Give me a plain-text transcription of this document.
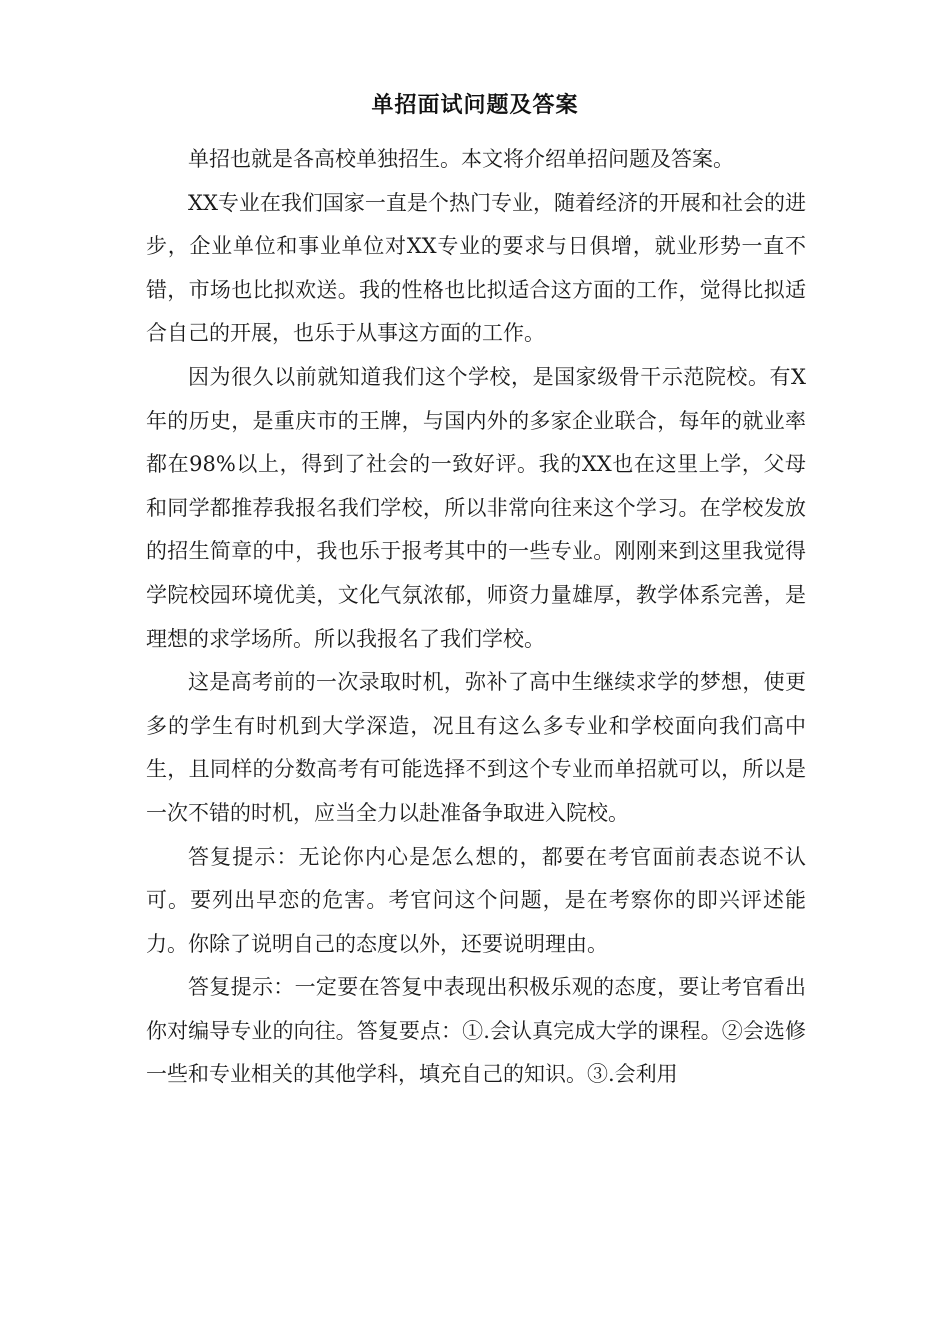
单招面试问题及答案

单招也就是各高校单独招生。本文将介绍单招问题及答案。

XX专业在我们国家一直是个热门专业，随着经济的开展和社会的进步，企业单位和事业单位对XX专业的要求与日俱增，就业形势一直不错，市场也比拟欢送。我的性格也比拟适合这方面的工作，觉得比拟适合自己的开展，也乐于从事这方面的工作。

因为很久以前就知道我们这个学校，是国家级骨干示范院校。有X年的历史，是重庆市的王牌，与国内外的多家企业联合，每年的就业率都在98%以上，得到了社会的一致好评。我的XX也在这里上学，父母和同学都推荐我报名我们学校，所以非常向往来这个学习。在学校发放的招生简章的中，我也乐于报考其中的一些专业。刚刚来到这里我觉得学院校园环境优美，文化气氛浓郁，师资力量雄厚，教学体系完善，是理想的求学场所。所以我报名了我们学校。

这是高考前的一次录取时机，弥补了高中生继续求学的梦想，使更多的学生有时机到大学深造，况且有这么多专业和学校面向我们高中生，且同样的分数高考有可能选择不到这个专业而单招就可以，所以是一次不错的时机，应当全力以赴准备争取进入院校。

答复提示：无论你内心是怎么想的，都要在考官面前表态说不认可。要列出早恋的危害。考官问这个问题，是在考察你的即兴评述能力。你除了说明自己的态度以外，还要说明理由。

答复提示：一定要在答复中表现出积极乐观的态度，要让考官看出你对编导专业的向往。答复要点：①.会认真完成大学的课程。②会选修一些和专业相关的其他学科，填充自己的知识。③.会利用
